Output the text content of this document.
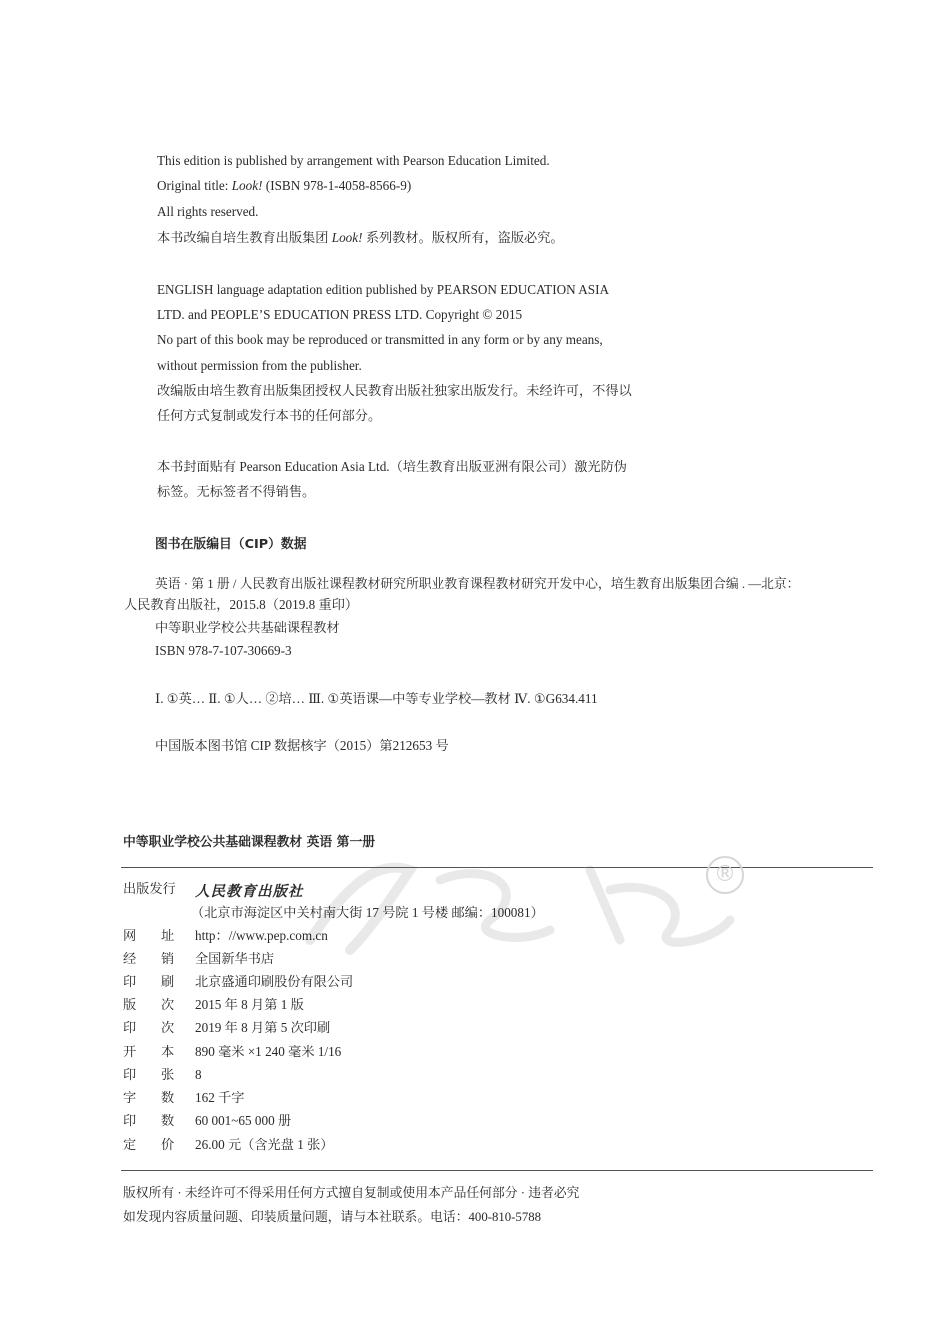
This edition is published by arrangement with Pearson Education Limited.
Original title: Look! (ISBN 978-1-4058-8566-9)
All rights reserved.
本书改编自培生教育出版集团 Look! 系列教材。版权所有，盗版必究。
ENGLISH language adaptation edition published by PEARSON EDUCATION ASIA
LTD. and PEOPLE’S EDUCATION PRESS LTD. Copyright © 2015
No part of this book may be reproduced or transmitted in any form or by any means,
without permission from the publisher.
改编版由培生教育出版集团授权人民教育出版社独家出版发行。未经许可，不得以
任何方式复制或发行本书的任何部分。
本书封面贴有 Pearson Education Asia Ltd.（培生教育出版亚洲有限公司）激光防伪
标签。无标签者不得销售。
图书在版编目（CIP）数据
英语 · 第 1 册 / 人民教育出版社课程教材研究所职业教育课程教材研究开发中心，培生教育出版集团合编 . —北京：
人民教育出版社，2015.8（2019.8 重印）
中等职业学校公共基础课程教材
ISBN 978-7-107-30669-3
Ⅰ. ①英… Ⅱ. ①人… ②培… Ⅲ. ①英语课—中等专业学校—教材 Ⅳ. ①G634.411
中国版本图书馆 CIP 数据核字（2015）第212653 号
中等职业学校公共基础课程教材 英语 第一册
®
出版发行	人民教育出版社
（北京市海淀区中关村南大街 17 号院 1 号楼 邮编：100081）
网 址	http：//www.pep.com.cn
经 销	全国新华书店
印 刷	北京盛通印刷股份有限公司
版 次	2015 年 8 月第 1 版
印 次	2019 年 8 月第 5 次印刷
开 本	890 毫米 ×1 240 毫米 1/16
印 张	8
字 数	162 千字
印 数	60 001~65 000 册
定 价	26.00 元（含光盘 1 张）
版权所有 · 未经许可不得采用任何方式擅自复制或使用本产品任何部分 · 违者必究
如发现内容质量问题、印装质量问题，请与本社联系。电话：400-810-5788
